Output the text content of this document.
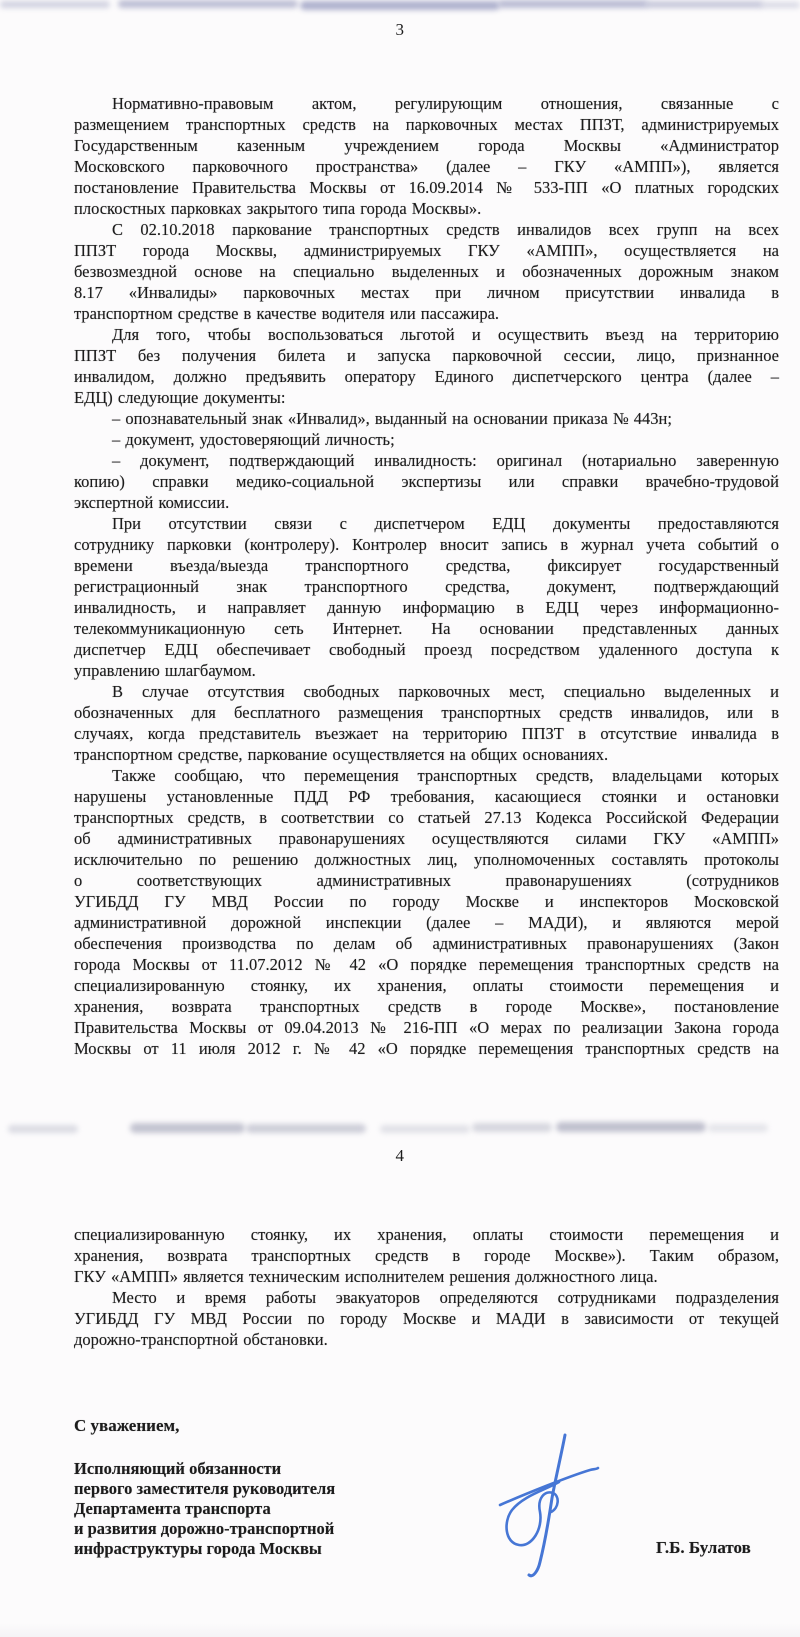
3
Нормативно-правовым актом, регулирующим отношения, связанные с
размещением транспортных средств на парковочных местах ППЗТ, администрируемых
Государственным казенным учреждением города Москвы «Администратор
Московского парковочного пространства» (далее – ГКУ «АМПП»), является
постановление Правительства Москвы от 16.09.2014 № 533-ПП «О платных городских
плоскостных парковках закрытого типа города Москвы».
С 02.10.2018 паркование транспортных средств инвалидов всех групп на всех
ППЗТ города Москвы, администрируемых ГКУ «АМПП», осуществляется на
безвозмездной основе на специально выделенных и обозначенных дорожным знаком
8.17 «Инвалиды» парковочных местах при личном присутствии инвалида в
транспортном средстве в качестве водителя или пассажира.
Для того, чтобы воспользоваться льготой и осуществить въезд на территорию
ППЗТ без получения билета и запуска парковочной сессии, лицо, признанное
инвалидом, должно предъявить оператору Единого диспетчерского центра (далее –
ЕДЦ) следующие документы:
– опознавательный знак «Инвалид», выданный на основании приказа № 443н;
– документ, удостоверяющий личность;
– документ, подтверждающий инвалидность: оригинал (нотариально заверенную
копию) справки медико-социальной экспертизы или справки врачебно-трудовой
экспертной комиссии.
При отсутствии связи с диспетчером ЕДЦ документы предоставляются
сотруднику парковки (контролеру). Контролер вносит запись в журнал учета событий о
времени въезда/выезда транспортного средства, фиксирует государственный
регистрационный знак транспортного средства, документ, подтверждающий
инвалидность, и направляет данную информацию в ЕДЦ через информационно-
телекоммуникационную сеть Интернет. На основании представленных данных
диспетчер ЕДЦ обеспечивает свободный проезд посредством удаленного доступа к
управлению шлагбаумом.
В случае отсутствия свободных парковочных мест, специально выделенных и
обозначенных для бесплатного размещения транспортных средств инвалидов, или в
случаях, когда представитель въезжает на территорию ППЗТ в отсутствие инвалида в
транспортном средстве, паркование осуществляется на общих основаниях.
Также сообщаю, что перемещения транспортных средств, владельцами которых
нарушены установленные ПДД РФ требования, касающиеся стоянки и остановки
транспортных средств, в соответствии со статьей 27.13 Кодекса Российской Федерации
об административных правонарушениях осуществляются силами ГКУ «АМПП»
исключительно по решению должностных лиц, уполномоченных составлять протоколы
о соответствующих административных правонарушениях (сотрудников
УГИБДД ГУ МВД России по городу Москве и инспекторов Московской
административной дорожной инспекции (далее – МАДИ), и являются мерой
обеспечения производства по делам об административных правонарушениях (Закон
города Москвы от 11.07.2012 № 42 «О порядке перемещения транспортных средств на
специализированную стоянку, их хранения, оплаты стоимости перемещения и
хранения, возврата транспортных средств в городе Москве», постановление
Правительства Москвы от 09.04.2013 № 216-ПП «О мерах по реализации Закона города
Москвы от 11 июля 2012 г. № 42 «О порядке перемещения транспортных средств на
4
специализированную стоянку, их хранения, оплаты стоимости перемещения и
хранения, возврата транспортных средств в городе Москве»). Таким образом,
ГКУ «АМПП» является техническим исполнителем решения должностного лица.
Место и время работы эвакуаторов определяются сотрудниками подразделения
УГИБДД ГУ МВД России по городу Москве и МАДИ в зависимости от текущей
дорожно-транспортной обстановки.
С уважением,
Исполняющий обязанности
первого заместителя руководителя
Департамента транспорта
и развития дорожно-транспортной
инфраструктуры города Москвы	Г.Б. Булатов
